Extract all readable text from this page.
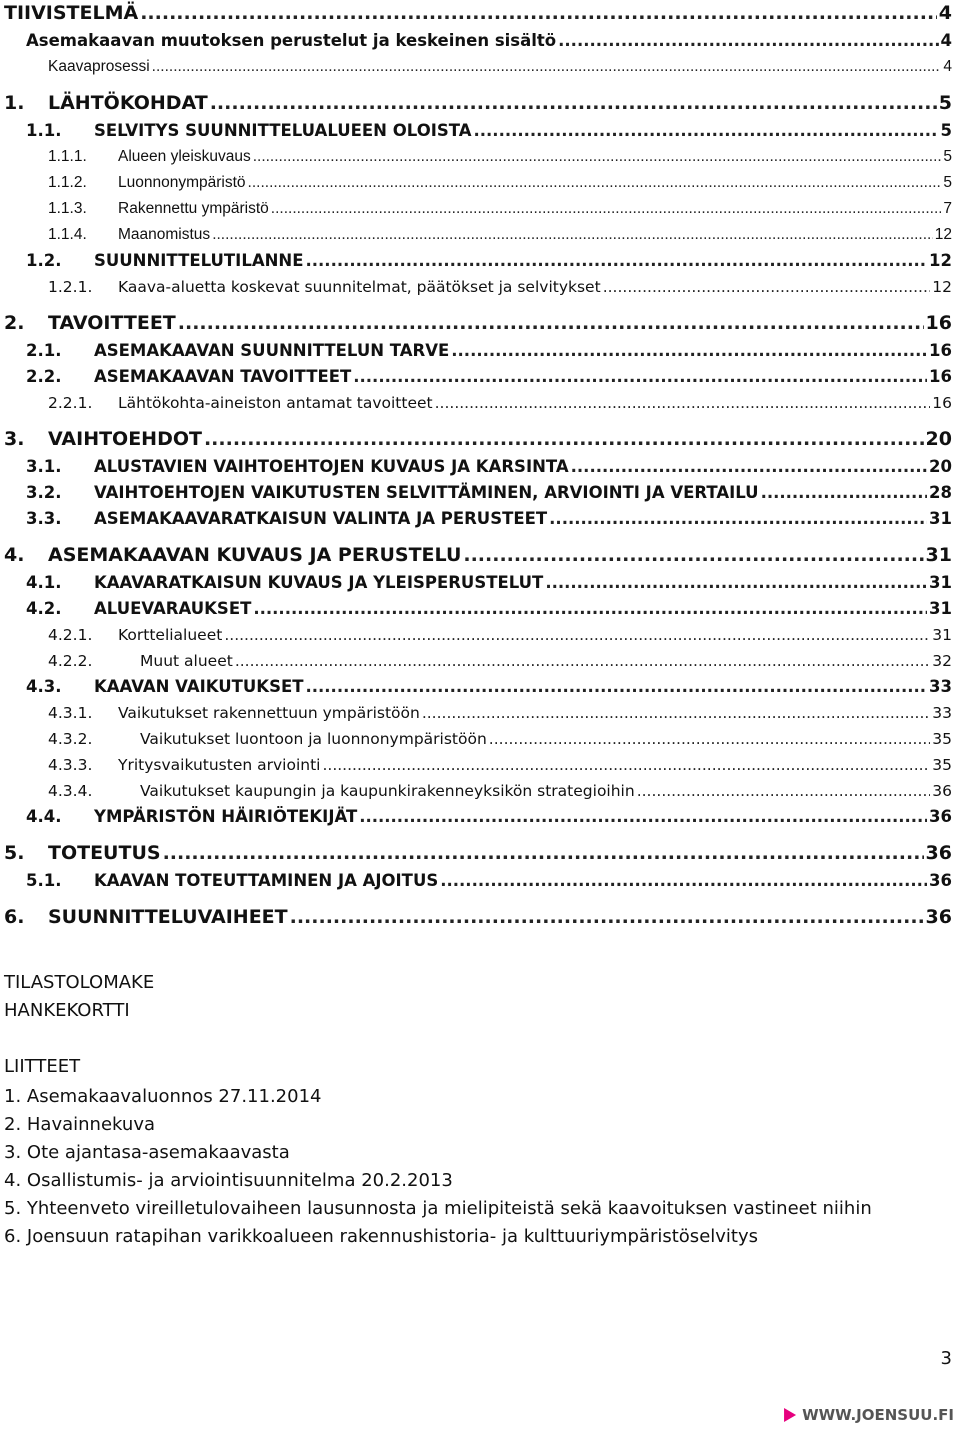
TIIVISTELMÄ .....	4
Asemakaavan muutoksen perustelut ja keskeinen sisältö .....	4
Kaavaprosessi .....	4
1.	LÄHTÖKOHDAT .....	5
1.1.	SELVITYS SUUNNITTELUALUEEN OLOISTA .....	5
1.1.1.	Alueen yleiskuvaus .....	5
1.1.2.	Luonnonympäristö .....	5
1.1.3.	Rakennettu ympäristö .....	7
1.1.4.	Maanomistus .....	12
1.2.	SUUNNITTELUTILANNE .....	12
1.2.1.	Kaava-aluetta koskevat suunnitelmat, päätökset ja selvitykset .....	12
2.	TAVOITTEET .....	16
2.1.	ASEMAKAAVAN SUUNNITTELUN TARVE .....	16
2.2.	ASEMAKAAVAN TAVOITTEET .....	16
2.2.1.	Lähtökohta-aineiston antamat tavoitteet .....	16
3.	VAIHTOEHDOT .....	20
3.1.	ALUSTAVIEN VAIHTOEHTOJEN KUVAUS JA KARSINTA .....	20
3.2.	VAIHTOEHTOJEN VAIKUTUSTEN SELVITTÄMINEN, ARVIOINTI JA VERTAILU .....	28
3.3.	ASEMAKAAVARATKAISUN VALINTA JA PERUSTEET .....	31
4.	ASEMAKAAVAN KUVAUS JA PERUSTELU .....	31
4.1.	KAAVARATKAISUN KUVAUS JA YLEISPERUSTELUT .....	31
4.2.	ALUEVARAUKSET .....	31
4.2.1.	Korttelialueet .....	31
4.2.2.	Muut alueet .....	32
4.3.	KAAVAN VAIKUTUKSET .....	33
4.3.1.	Vaikutukset rakennettuun ympäristöön .....	33
4.3.2.	Vaikutukset luontoon ja luonnonympäristöön .....	35
4.3.3.	Yritysvaikutusten arviointi .....	35
4.3.4.	Vaikutukset kaupungin ja kaupunkirakenneyksikön strategioihin .....	36
4.4.	YMPÄRISTÖN HÄIRIÖTEKIJÄT .....	36
5.	TOTEUTUS .....	36
5.1.	KAAVAN TOTEUTTAMINEN JA AJOITUS .....	36
6.	SUUNNITTELUVAIHEET .....	36
TILASTOLOMAKE
HANKEKORTTI
LIITTEET
1. Asemakaavaluonnos 27.11.2014
2. Havainnekuva
3. Ote ajantasa-asemakaavasta
4. Osallistumis- ja arviointisuunnitelma 20.2.2013
5. Yhteenveto vireilletulovaiheen lausunnosta ja mielipiteistä sekä kaavoituksen vastineet niihin
6. Joensuun ratapihan varikkoalueen rakennushistoria- ja kulttuuriympäristöselvitys
3
WWW.JOENSUU.FI
